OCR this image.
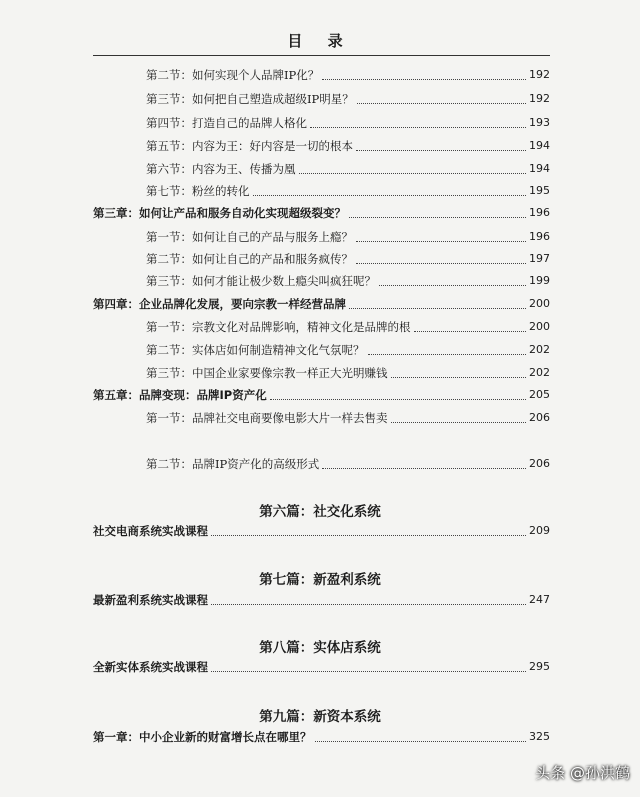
目 录
第二节：如何实现个人品牌IP化？	192
第三节：如何把自己塑造成超级IP明星？	192
第四节：打造自己的品牌人格化	193
第五节：内容为王：好内容是一切的根本	194
第六节：内容为王、传播为凰	194
第七节：粉丝的转化	195
第三章：如何让产品和服务自动化实现超级裂变？	196
第一节：如何让自己的产品与服务上瘾？	196
第二节：如何让自己的产品和服务疯传？	197
第三节：如何才能让极少数上瘾尖叫疯狂呢？	199
第四章：企业品牌化发展，要向宗教一样经营品牌	200
第一节：宗教文化对品牌影响，精神文化是品牌的根	200
第二节：实体店如何制造精神文化气氛呢？	202
第三节：中国企业家要像宗教一样正大光明赚钱	202
第五章：品牌变现：品牌IP资产化	205
第一节：品牌社交电商要像电影大片一样去售卖	206
第二节：品牌IP资产化的高级形式	206
第六篇：社交化系统
社交电商系统实战课程	209
第七篇：新盈利系统
最新盈利系统实战课程	247
第八篇：实体店系统
全新实体系统实战课程	295
第九篇：新资本系统
第一章：中小企业新的财富增长点在哪里？	325
头条 @孙洪鹤
